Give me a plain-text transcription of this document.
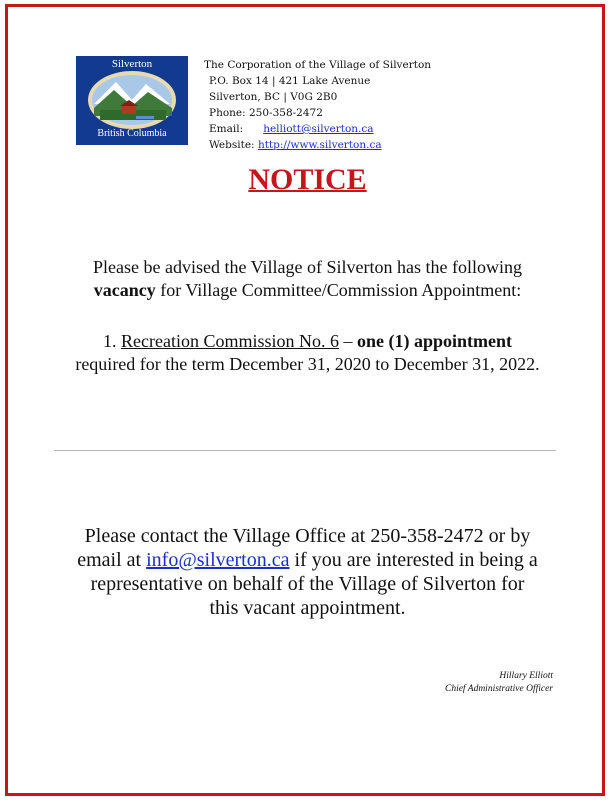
Silverton
British Columbia
The Corporation of the Village of Silverton
P.O. Box 14 | 421 Lake Avenue
Silverton, BC | V0G 2B0
Phone: 250-358-2472
Email: helliott@silverton.ca
Website: http://www.silverton.ca
NOTICE
Please be advised the Village of Silverton has the following
vacancy for Village Committee/Commission Appointment:
1. Recreation Commission No. 6 – one (1) appointment
required for the term December 31, 2020 to December 31, 2022.
Please contact the Village Office at 250-358-2472 or by
email at info@silverton.ca if you are interested in being a
representative on behalf of the Village of Silverton for
this vacant appointment.
Hillary Elliott
Chief Administrative Officer
